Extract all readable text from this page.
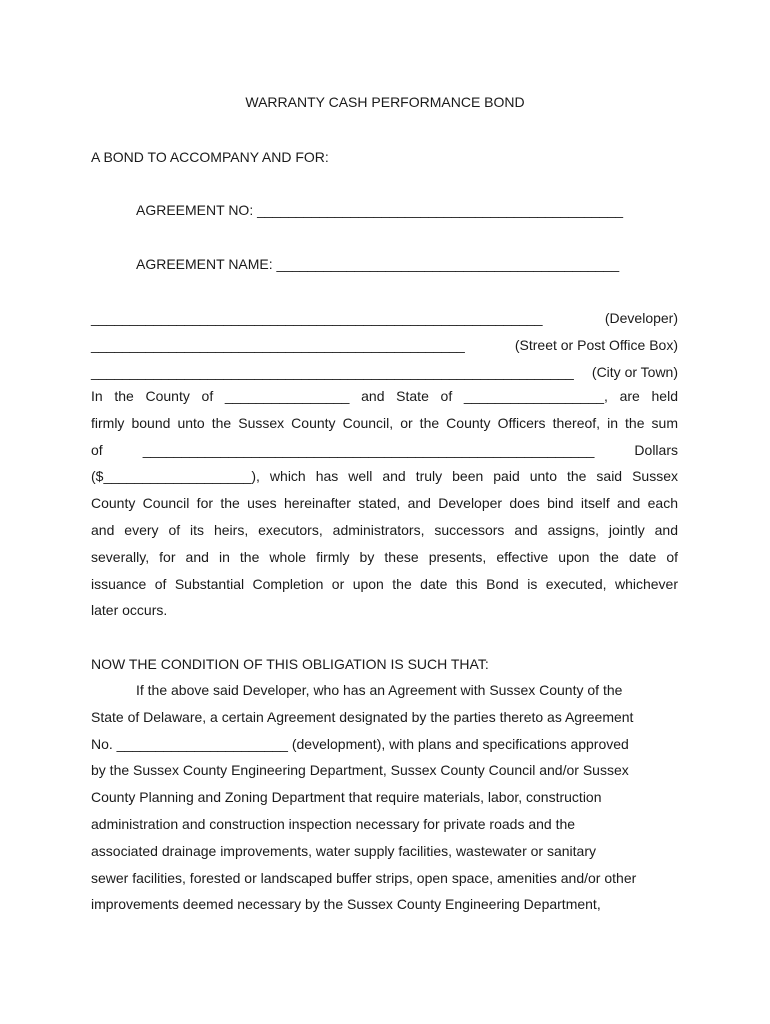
WARRANTY CASH PERFORMANCE BOND
A BOND TO ACCOMPANY AND FOR:
AGREEMENT NO: _______________________________________________
AGREEMENT NAME: ____________________________________________
__________________________________________________________	(Developer)
________________________________________________	(Street or Post Office Box)
______________________________________________________________ (City or Town)
In the County of ________________ and State of __________________, are held
firmly bound unto the Sussex County Council, or the County Officers thereof, in the sum
of __________________________________________________________ Dollars
($___________________), which has well and truly been paid unto the said Sussex
County Council for the uses hereinafter stated, and Developer does bind itself and each
and every of its heirs, executors, administrators, successors and assigns, jointly and
severally, for and in the whole firmly by these presents, effective upon the date of
issuance of Substantial Completion or upon the date this Bond is executed, whichever
later occurs.
NOW THE CONDITION OF THIS OBLIGATION IS SUCH THAT:
If the above said Developer, who has an Agreement with Sussex County of the
State of Delaware, a certain Agreement designated by the parties thereto as Agreement
No. ______________________ (development), with plans and specifications approved
by the Sussex County Engineering Department, Sussex County Council and/or Sussex
County Planning and Zoning Department that require materials, labor, construction
administration and construction inspection necessary for private roads and the
associated drainage improvements, water supply facilities, wastewater or sanitary
sewer facilities, forested or landscaped buffer strips, open space, amenities and/or other
improvements deemed necessary by the Sussex County Engineering Department,
